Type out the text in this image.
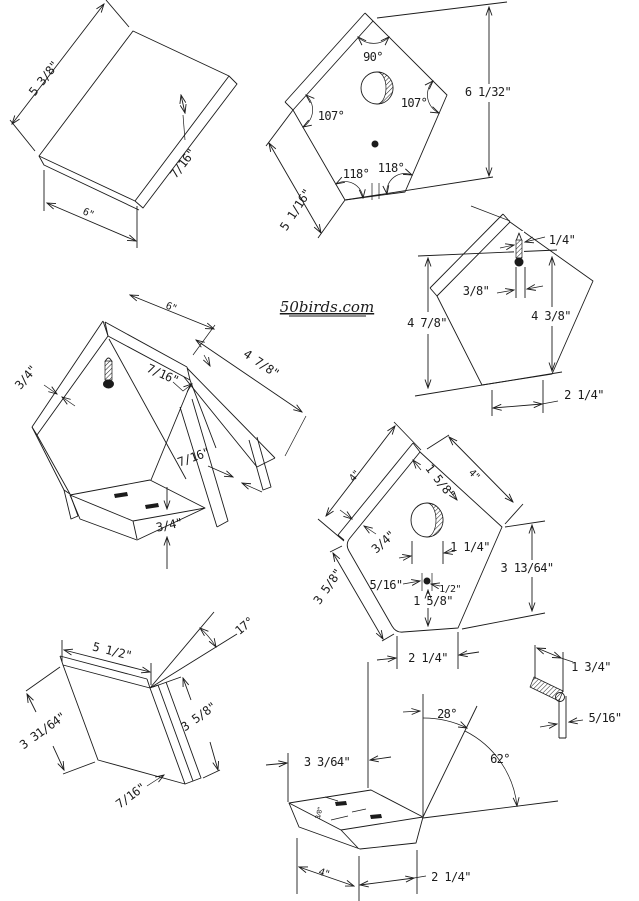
5 3/8"
7/16"
6"
90°
107°
107°
118° 118°
6 1/32"
5 1/16"
50birds.com
1/4"
3/8"
4 7/8"	4 3/8"
2 1/4"
6"
4 7/8"
3/4"	7/16"
7/16"
3/4"
4"	4"
1 5/8"
3/4"	1 1/4"
5/16"	1/2"
1 5/8"
3 5/8"	3 13/64"
2 1/4"
5 1/2"
17°
3 5/8"
3 31/64"
7/16"
1 3/4"
5/16"
28°
62°
3 3/64"
4"	2 1/4"
3/8"
